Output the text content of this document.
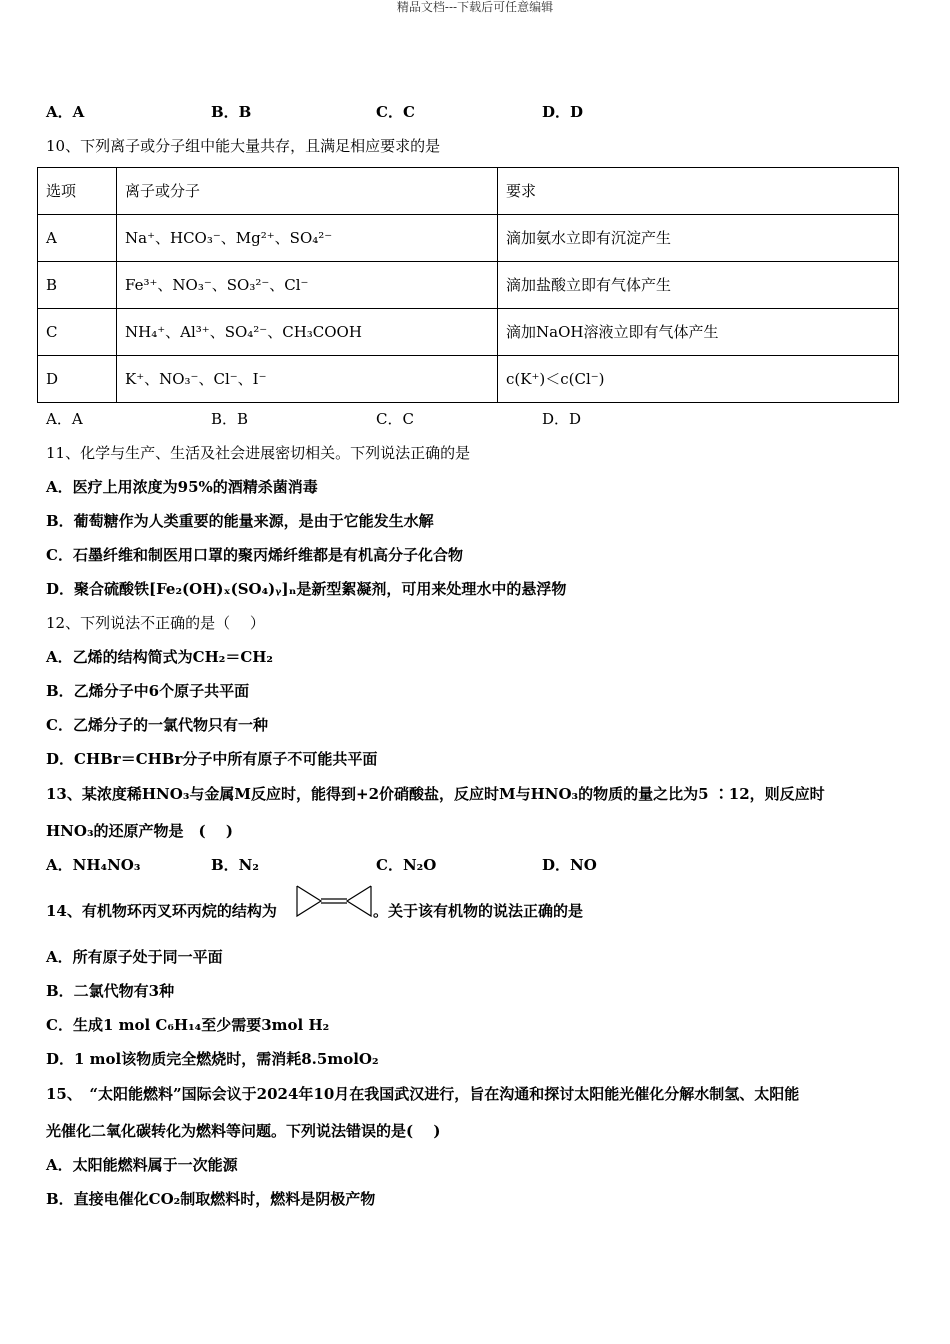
精品文档---下载后可任意编辑
A．A	B．B	C．C	D．D
10、下列离子或分子组中能大量共存，且满足相应要求的是
选项	离子或分子	要求
A	Na⁺、HCO₃⁻、Mg²⁺、SO₄²⁻	滴加氨水立即有沉淀产生
B	Fe³⁺、NO₃⁻、SO₃²⁻、Cl⁻	滴加盐酸立即有气体产生
C	NH₄⁺、Al³⁺、SO₄²⁻、CH₃COOH	滴加NaOH溶液立即有气体产生
D	K⁺、NO₃⁻、Cl⁻、I⁻	c(K⁺)＜c(Cl⁻)
A．A	B．B	C．C	D．D
11、化学与生产、生活及社会进展密切相关。下列说法正确的是
A．医疗上用浓度为95%的酒精杀菌消毒
B．葡萄糖作为人类重要的能量来源，是由于它能发生水解
C．石墨纤维和制医用口罩的聚丙烯纤维都是有机高分子化合物
D．聚合硫酸铁[Fe₂(OH)ₓ(SO₄)ᵧ]ₙ是新型絮凝剂，可用来处理水中的悬浮物
12、下列说法不正确的是（　 ）
A．乙烯的结构简式为CH₂＝CH₂
B．乙烯分子中6个原子共平面
C．乙烯分子的一氯代物只有一种
D．CHBr＝CHBr分子中所有原子不可能共平面
13、某浓度稀HNO₃与金属M反应时，能得到+2价硝酸盐，反应时M与HNO₃的物质的量之比为5 ∶12，则反应时
HNO₃的还原产物是　(　 )
A．NH₄NO₃	B．N₂	C．N₂O	D．NO
14、有机物环丙叉环丙烷的结构为	。关于该有机物的说法正确的是
A．所有原子处于同一平面
B．二氯代物有3种
C．生成1 mol C₆H₁₄至少需要3mol H₂
D．1 mol该物质完全燃烧时，需消耗8.5molO₂
15、　“太阳能燃料”国际会议于2024年10月在我国武汉进行，旨在沟通和探讨太阳能光催化分解水制氢、太阳能
光催化二氧化碳转化为燃料等问题。下列说法错误的是(　 )
A．太阳能燃料属于一次能源
B．直接电催化CO₂制取燃料时，燃料是阴极产物
